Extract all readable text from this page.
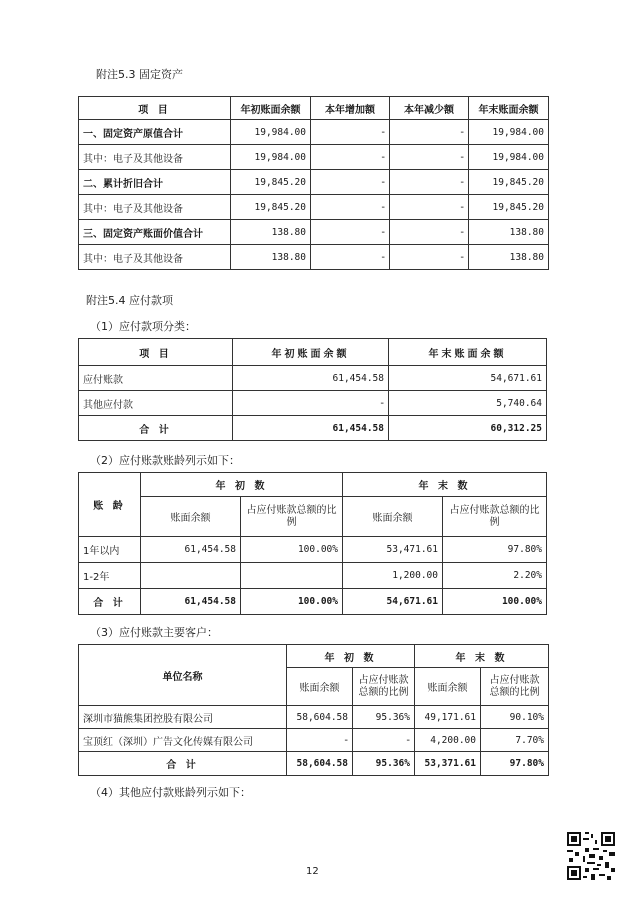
附注5.3 固定资产
项 目	年初账面余额	本年增加额	本年减少额	年末账面余额
一、固定资产原值合计	19,984.00	-	-	19,984.00
其中：电子及其他设备	19,984.00	-	-	19,984.00
二、累计折旧合计	19,845.20	-	-	19,845.20
其中：电子及其他设备	19,845.20	-	-	19,845.20
三、固定资产账面价值合计	138.80	-	-	138.80
其中：电子及其他设备	138.80	-	-	138.80
附注5.4 应付款项
（1）应付款项分类：
项 目	年初账面余额	年末账面余额
应付账款	61,454.58	54,671.61
其他应付款	-	5,740.64
合 计	61,454.58	60,312.25
（2）应付账款账龄列示如下：
账 龄	年 初 数		年 末 数	
	账面余额	占应付账款总额的比例	账面余额	占应付账款总额的比例
1年以内	61,454.58	100.00%	53,471.61	97.80%
1-2年			1,200.00	2.20%
合 计	61,454.58	100.00%	54,671.61	100.00%
（3）应付账款主要客户：
单位名称	年 初 数		年 末 数	
	账面余额	占应付账款总额的比例	账面余额	占应付账款总额的比例
深圳市猫熊集团控股有限公司	58,604.58	95.36%	49,171.61	90.10%
宝顶红（深圳）广告文化传媒有限公司	-	-	4,200.00	7.70%
合 计	58,604.58	95.36%	53,371.61	97.80%
（4）其他应付款账龄列示如下：
12
